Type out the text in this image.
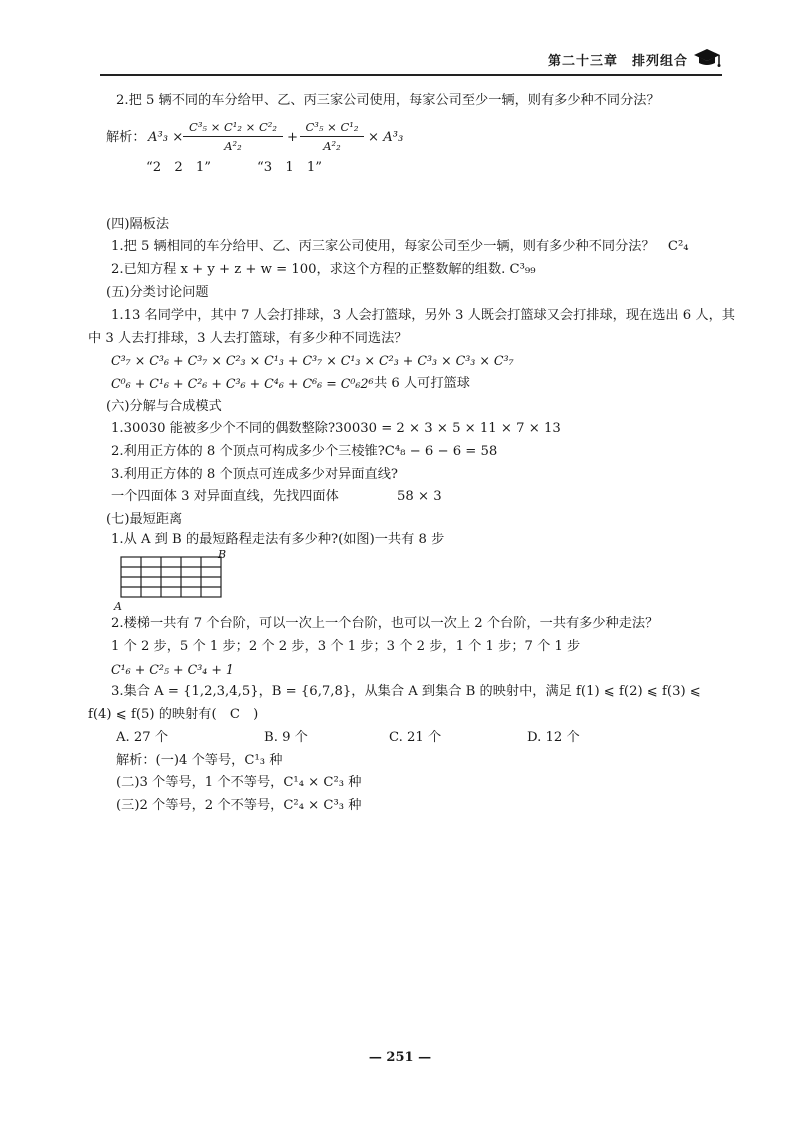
第二十三章 排列组合
2.把 5 辆不同的车分给甲、乙、丙三家公司使用，每家公司至少一辆，则有多少种不同分法？
解析： $A^3_3 \times \frac{\text{C³₅ × C¹₂ × C²₂}}{\text{A²₂}} + \frac{\text{C³₅ × C¹₂}}{\text{A²₂}} \times A^3_3$
“2　2　1”	“3　1　1”
(四)隔板法
1.把 5 辆相同的车分给甲、乙、丙三家公司使用，每家公司至少一辆，则有多少种不同分法？　C²₄
2.已知方程 x + y + z + w = 100，求这个方程的正整数解的组数. C³₉₉
(五)分类讨论问题
1.13 名同学中，其中 7 人会打排球，3 人会打篮球，另外 3 人既会打篮球又会打排球，现在选出 6 人，其
中 3 人去打排球，3 人去打篮球，有多少种不同选法？
C³₇ × C³₆ + C³₇ × C²₃ × C¹₃ + C³₇ × C¹₃ × C²₃ + C³₃ × C³₃ × C³₇
C⁰₆ + C¹₆ + C²₆ + C³₆ + C⁴₆ + C⁶₆ = C⁰₆2⁶ 共 6 人可打篮球
(六)分解与合成模式
1.30030 能被多少个不同的偶数整除?30030 = 2 × 3 × 5 × 11 × 7 × 13
2.利用正方体的 8 个顶点可构成多少个三棱锥?C⁴₈ − 6 − 6 = 58
3.利用正方体的 8 个顶点可连成多少对异面直线?
一个四面体 3 对异面直线，先找四面体	58 × 3
(七)最短距离
1.从 A 到 B 的最短路程走法有多少种?(如图)一共有 8 步
A
B
2.楼梯一共有 7 个台阶，可以一次上一个台阶，也可以一次上 2 个台阶，一共有多少种走法？
1 个 2 步，5 个 1 步；2 个 2 步，3 个 1 步；3 个 2 步，1 个 1 步；7 个 1 步
C¹₆ + C²₅ + C³₄ + 1
3.集合 A = {1,2,3,4,5}，B = {6,7,8}，从集合 A 到集合 B 的映射中，满足 f(1) ⩽ f(2) ⩽ f(3) ⩽
f(4) ⩽ f(5) 的映射有(　C　)
A. 27 个	B. 9 个	C. 21 个	D. 12 个
解析：(一)4 个等号，C¹₃ 种
(二)3 个等号，1 个不等号，C¹₄ × C²₃ 种
(三)2 个等号，2 个不等号，C²₄ × C³₃ 种
— 251 —
